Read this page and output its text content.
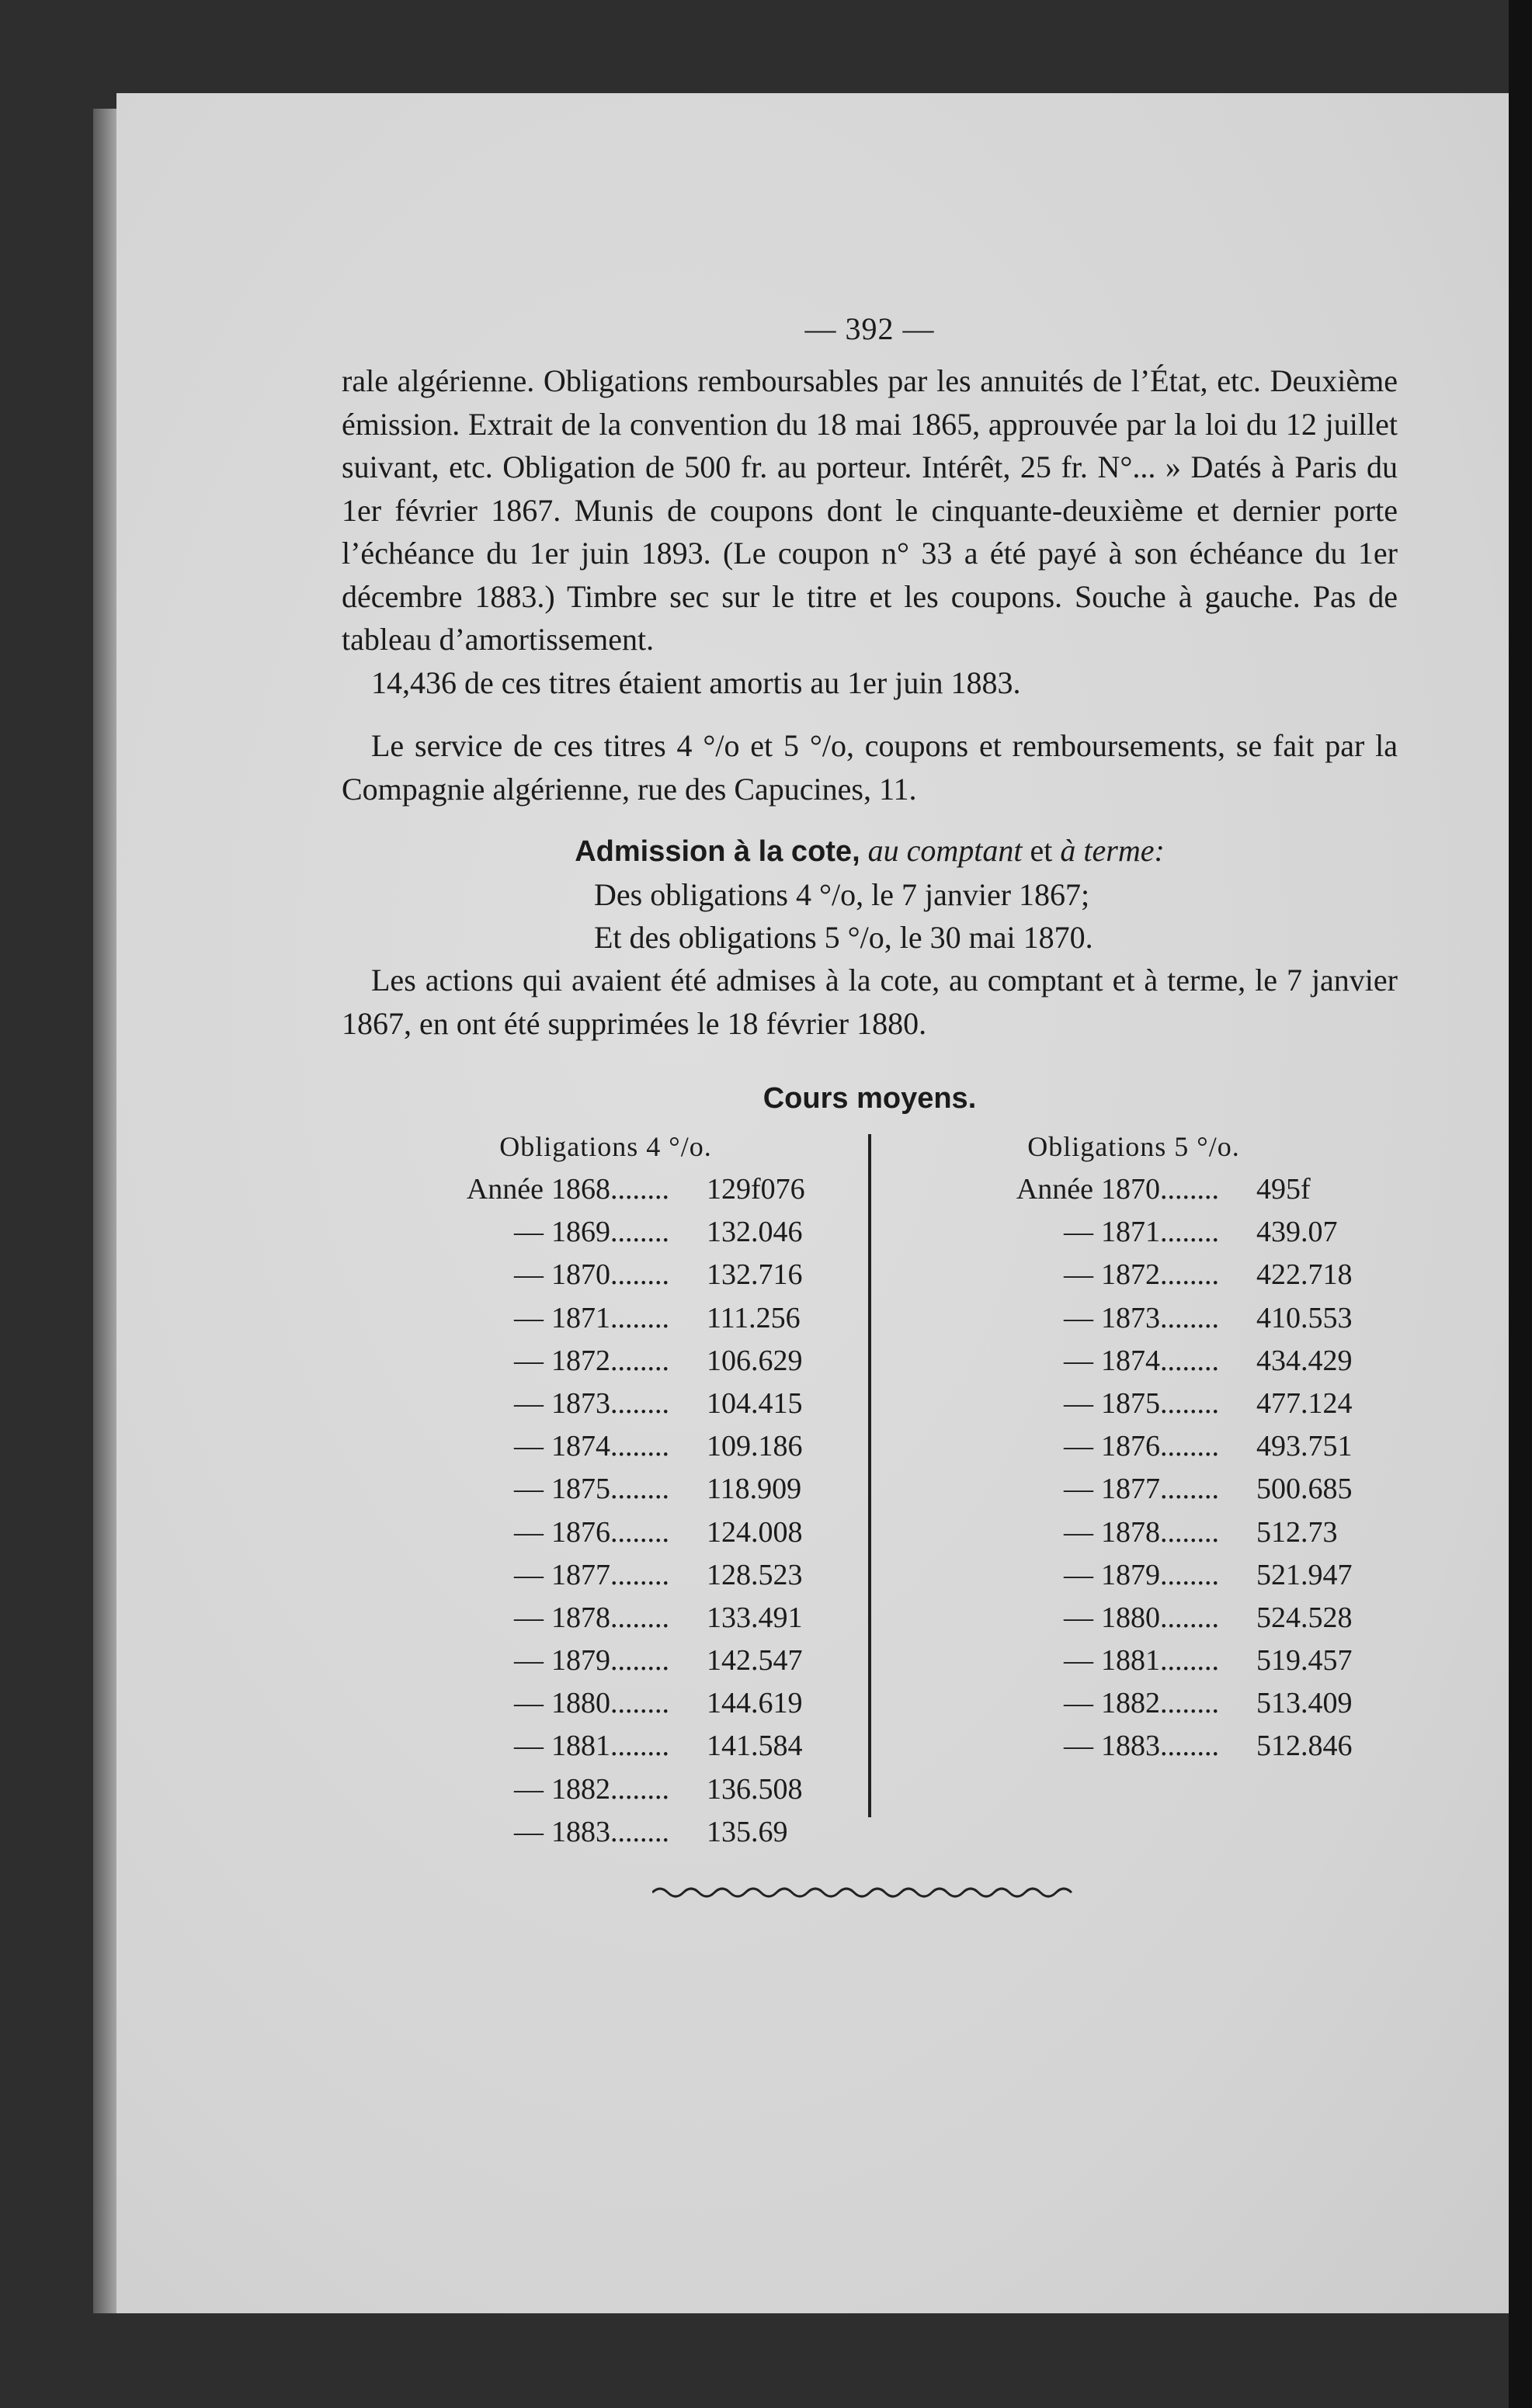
— 392 —

rale algérienne. Obligations remboursables par les annuités de l’État, etc. Deuxième émission. Extrait de la convention du 18 mai 1865, approuvée par la loi du 12 juillet suivant, etc. Obligation de 500 fr. au porteur. Intérêt, 25 fr. N°... » Datés à Paris du 1er février 1867. Munis de coupons dont le cinquante-deuxième et dernier porte l’échéance du 1er juin 1893. (Le coupon n° 33 a été payé à son échéance du 1er décembre 1883.) Timbre sec sur le titre et les coupons. Souche à gauche. Pas de tableau d’amortissement.

14,436 de ces titres étaient amortis au 1er juin 1883.

Le service de ces titres 4 °/o et 5 °/o, coupons et remboursements, se fait par la Compagnie algérienne, rue des Capucines, 11.

Admission à la cote, au comptant et à terme:
Des obligations 4 °/o, le 7 janvier 1867;
Et des obligations 5 °/o, le 30 mai 1870.

Les actions qui avaient été admises à la cote, au comptant et à terme, le 7 janvier 1867, en ont été supprimées le 18 février 1880.

Cours moyens.
Obligations 4 °/o.
Année 1868........	129f076
— 1869........	132.046
— 1870........	132.716
— 1871........	111.256
— 1872........	106.629
— 1873........	104.415
— 1874........	109.186
— 1875........	118.909
— 1876........	124.008
— 1877........	128.523
— 1878........	133.491
— 1879........	142.547
— 1880........	144.619
— 1881........	141.584
— 1882........	136.508
— 1883........	135.69
Obligations 5 °/o.
Année 1870........	495f
— 1871........	439.07
— 1872........	422.718
— 1873........	410.553
— 1874........	434.429
— 1875........	477.124
— 1876........	493.751
— 1877........	500.685
— 1878........	512.73
— 1879........	521.947
— 1880........	524.528
— 1881........	519.457
— 1882........	513.409
— 1883........	512.846
